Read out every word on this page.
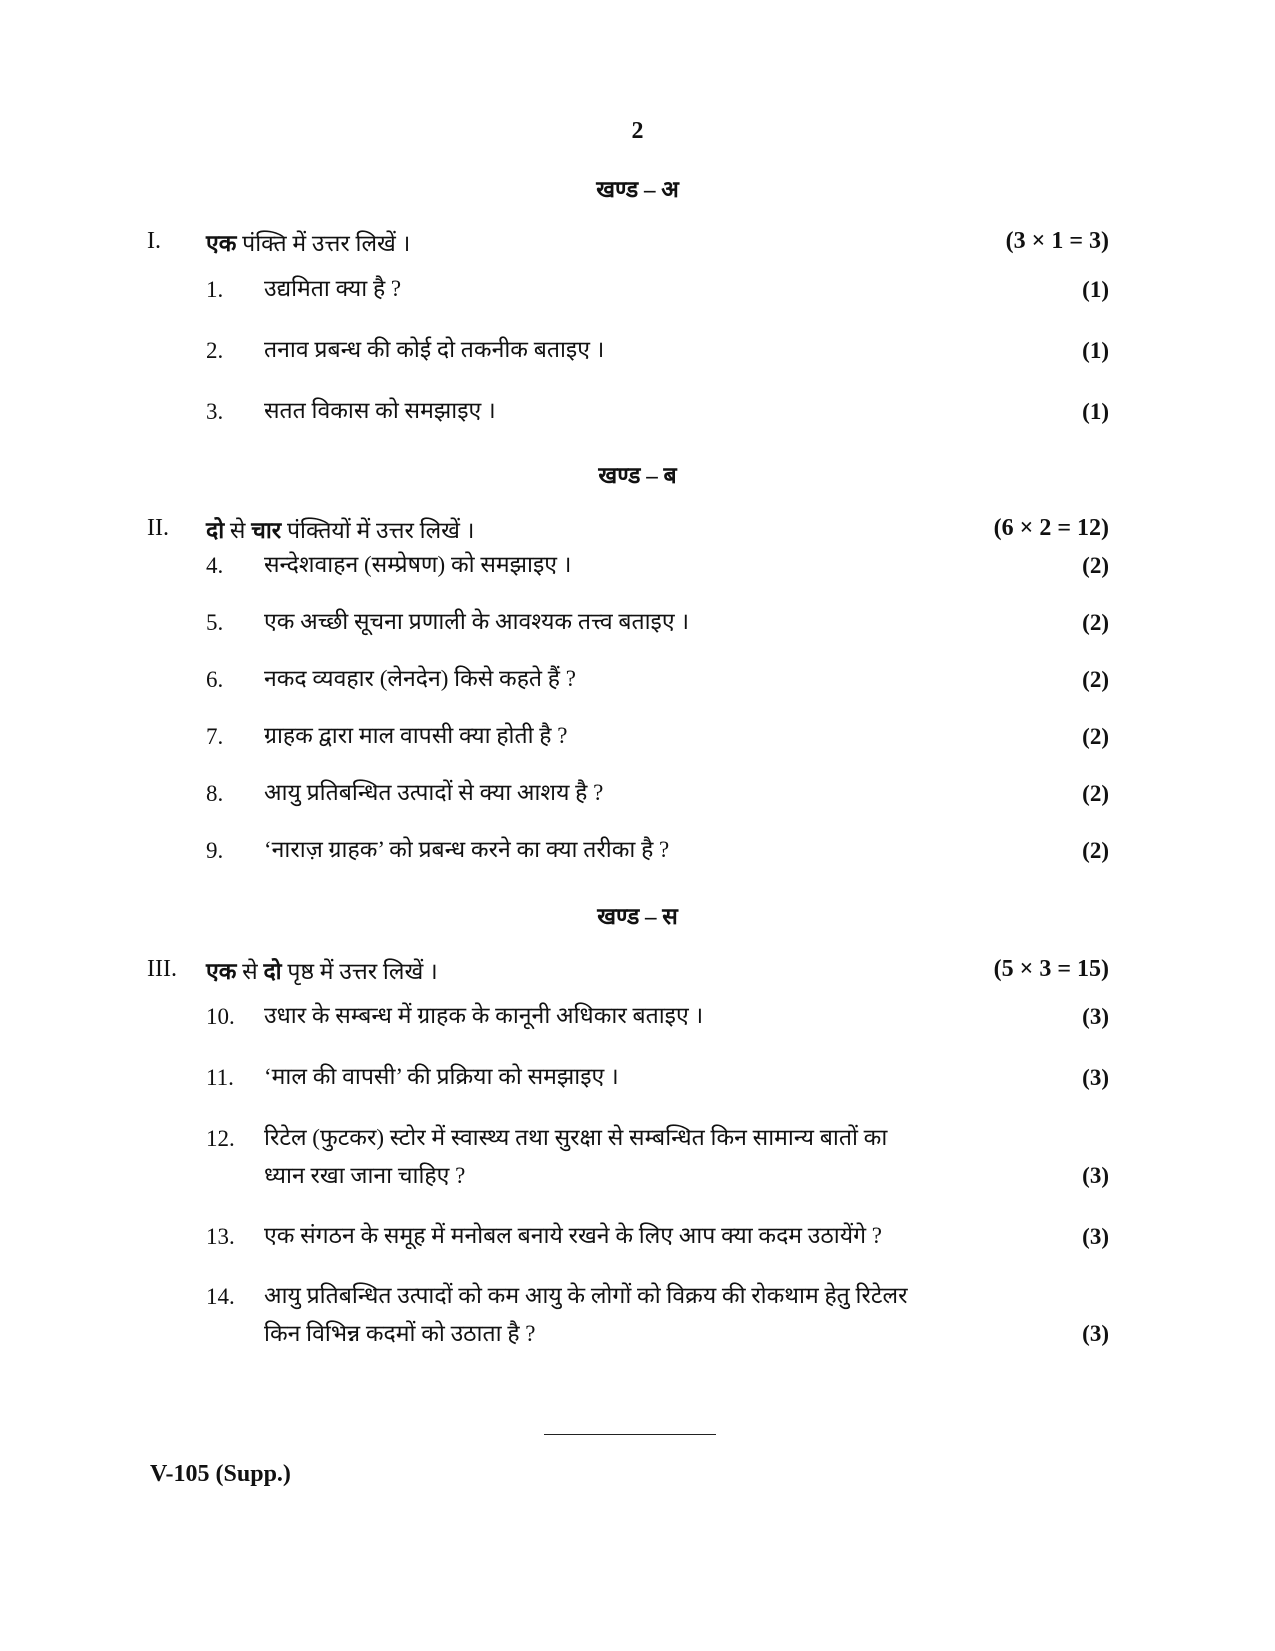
2
खण्ड – अ
I. एक पंक्ति में उत्तर लिखें ।	(3 × 1 = 3)
1. उद्यमिता क्या है ?	(1)
2. तनाव प्रबन्ध की कोई दो तकनीक बताइए ।	(1)
3. सतत विकास को समझाइए ।	(1)
खण्ड – ब
II. दो से चार पंक्तियों में उत्तर लिखें ।	(6 × 2 = 12)
4. सन्देशवाहन (सम्प्रेषण) को समझाइए ।	(2)
5. एक अच्छी सूचना प्रणाली के आवश्यक तत्त्व बताइए ।	(2)
6. नकद व्यवहार (लेनदेन) किसे कहते हैं ?	(2)
7. ग्राहक द्वारा माल वापसी क्या होती है ?	(2)
8. आयु प्रतिबन्धित उत्पादों से क्या आशय है ?	(2)
9. ‘नाराज़ ग्राहक’ को प्रबन्ध करने का क्या तरीका है ?	(2)
खण्ड – स
III. एक से दो पृष्ठ में उत्तर लिखें ।	(5 × 3 = 15)
10. उधार के सम्बन्ध में ग्राहक के कानूनी अधिकार बताइए ।	(3)
11. ‘माल की वापसी’ की प्रक्रिया को समझाइए ।	(3)
12. रिटेल (फुटकर) स्टोर में स्वास्थ्य तथा सुरक्षा से सम्बन्धित किन सामान्य बातों का
ध्यान रखा जाना चाहिए ?	(3)
13. एक संगठन के समूह में मनोबल बनाये रखने के लिए आप क्या कदम उठायेंगे ?	(3)
14. आयु प्रतिबन्धित उत्पादों को कम आयु के लोगों को विक्रय की रोकथाम हेतु रिटेलर
किन विभिन्न कदमों को उठाता है ?	(3)
V-105 (Supp.)
